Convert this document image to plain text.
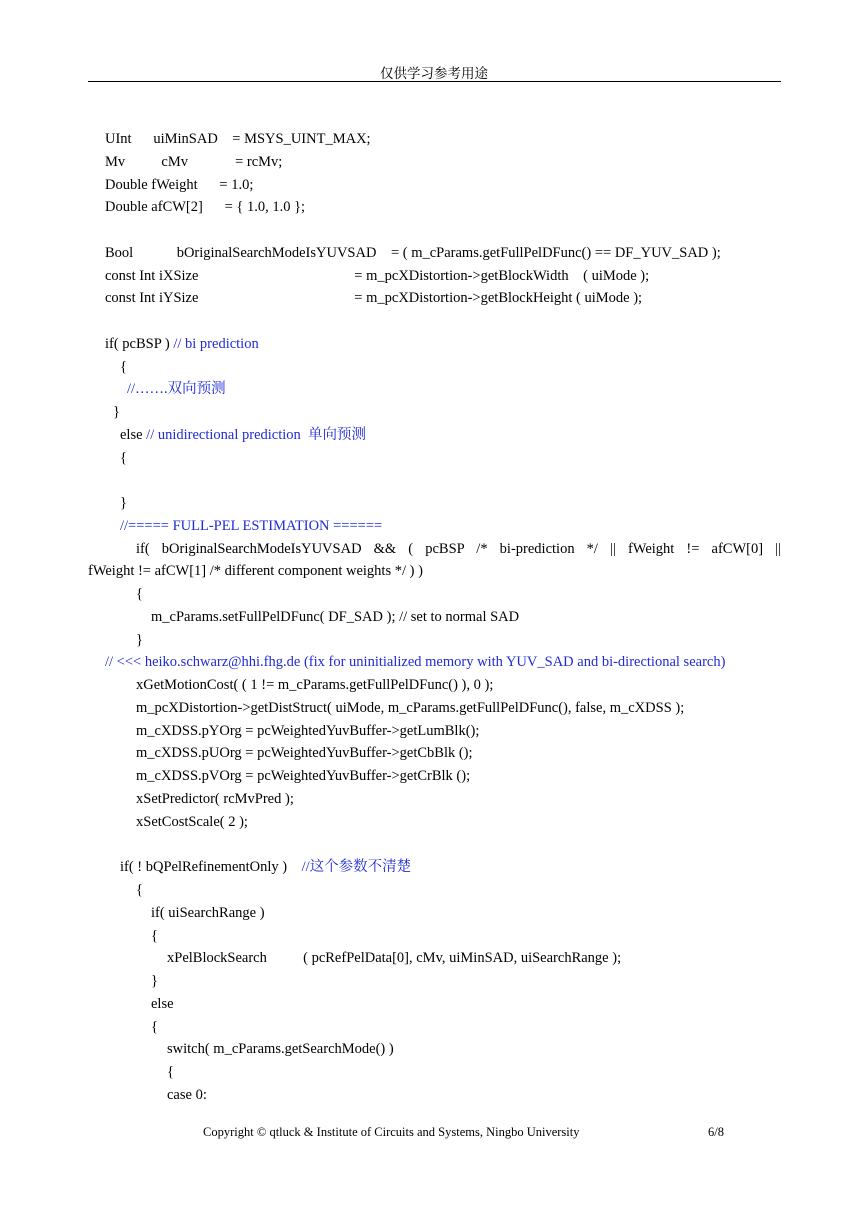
仅供学习参考用途
UInt      uiMinSAD    = MSYS_UINT_MAX;
Mv          cMv             = rcMv;
Double fWeight      = 1.0;
Double afCW[2]      = { 1.0, 1.0 };
Bool            bOriginalSearchModeIsYUVSAD    = ( m_cParams.getFullPelDFunc() == DF_YUV_SAD );
const Int iXSize                                           = m_pcXDistortion->getBlockWidth    ( uiMode );
const Int iYSize                                           = m_pcXDistortion->getBlockHeight ( uiMode );
if( pcBSP ) // bi prediction
{
//…….双向预测
}
else // unidirectional prediction  单向预测
{
}
//===== FULL-PEL ESTIMATION ======
if( bOriginalSearchModeIsYUVSAD && ( pcBSP /* bi-prediction */ || fWeight != afCW[0] ||
fWeight != afCW[1] /* different component weights */ ) )
{
m_cParams.setFullPelDFunc( DF_SAD ); // set to normal SAD
}
// <<< heiko.schwarz@hhi.fhg.de (fix for uninitialized memory with YUV_SAD and bi-directional search)
xGetMotionCost( ( 1 != m_cParams.getFullPelDFunc() ), 0 );
m_pcXDistortion->getDistStruct( uiMode, m_cParams.getFullPelDFunc(), false, m_cXDSS );
m_cXDSS.pYOrg = pcWeightedYuvBuffer->getLumBlk();
m_cXDSS.pUOrg = pcWeightedYuvBuffer->getCbBlk ();
m_cXDSS.pVOrg = pcWeightedYuvBuffer->getCrBlk ();
xSetPredictor( rcMvPred );
xSetCostScale( 2 );
if( ! bQPelRefinementOnly )    //这个参数不清楚
{
if( uiSearchRange )
{
xPelBlockSearch          ( pcRefPelData[0], cMv, uiMinSAD, uiSearchRange );
}
else
{
switch( m_cParams.getSearchMode() )
{
case 0:
Copyright © qtluck & Institute of Circuits and Systems, Ningbo University	6/8
